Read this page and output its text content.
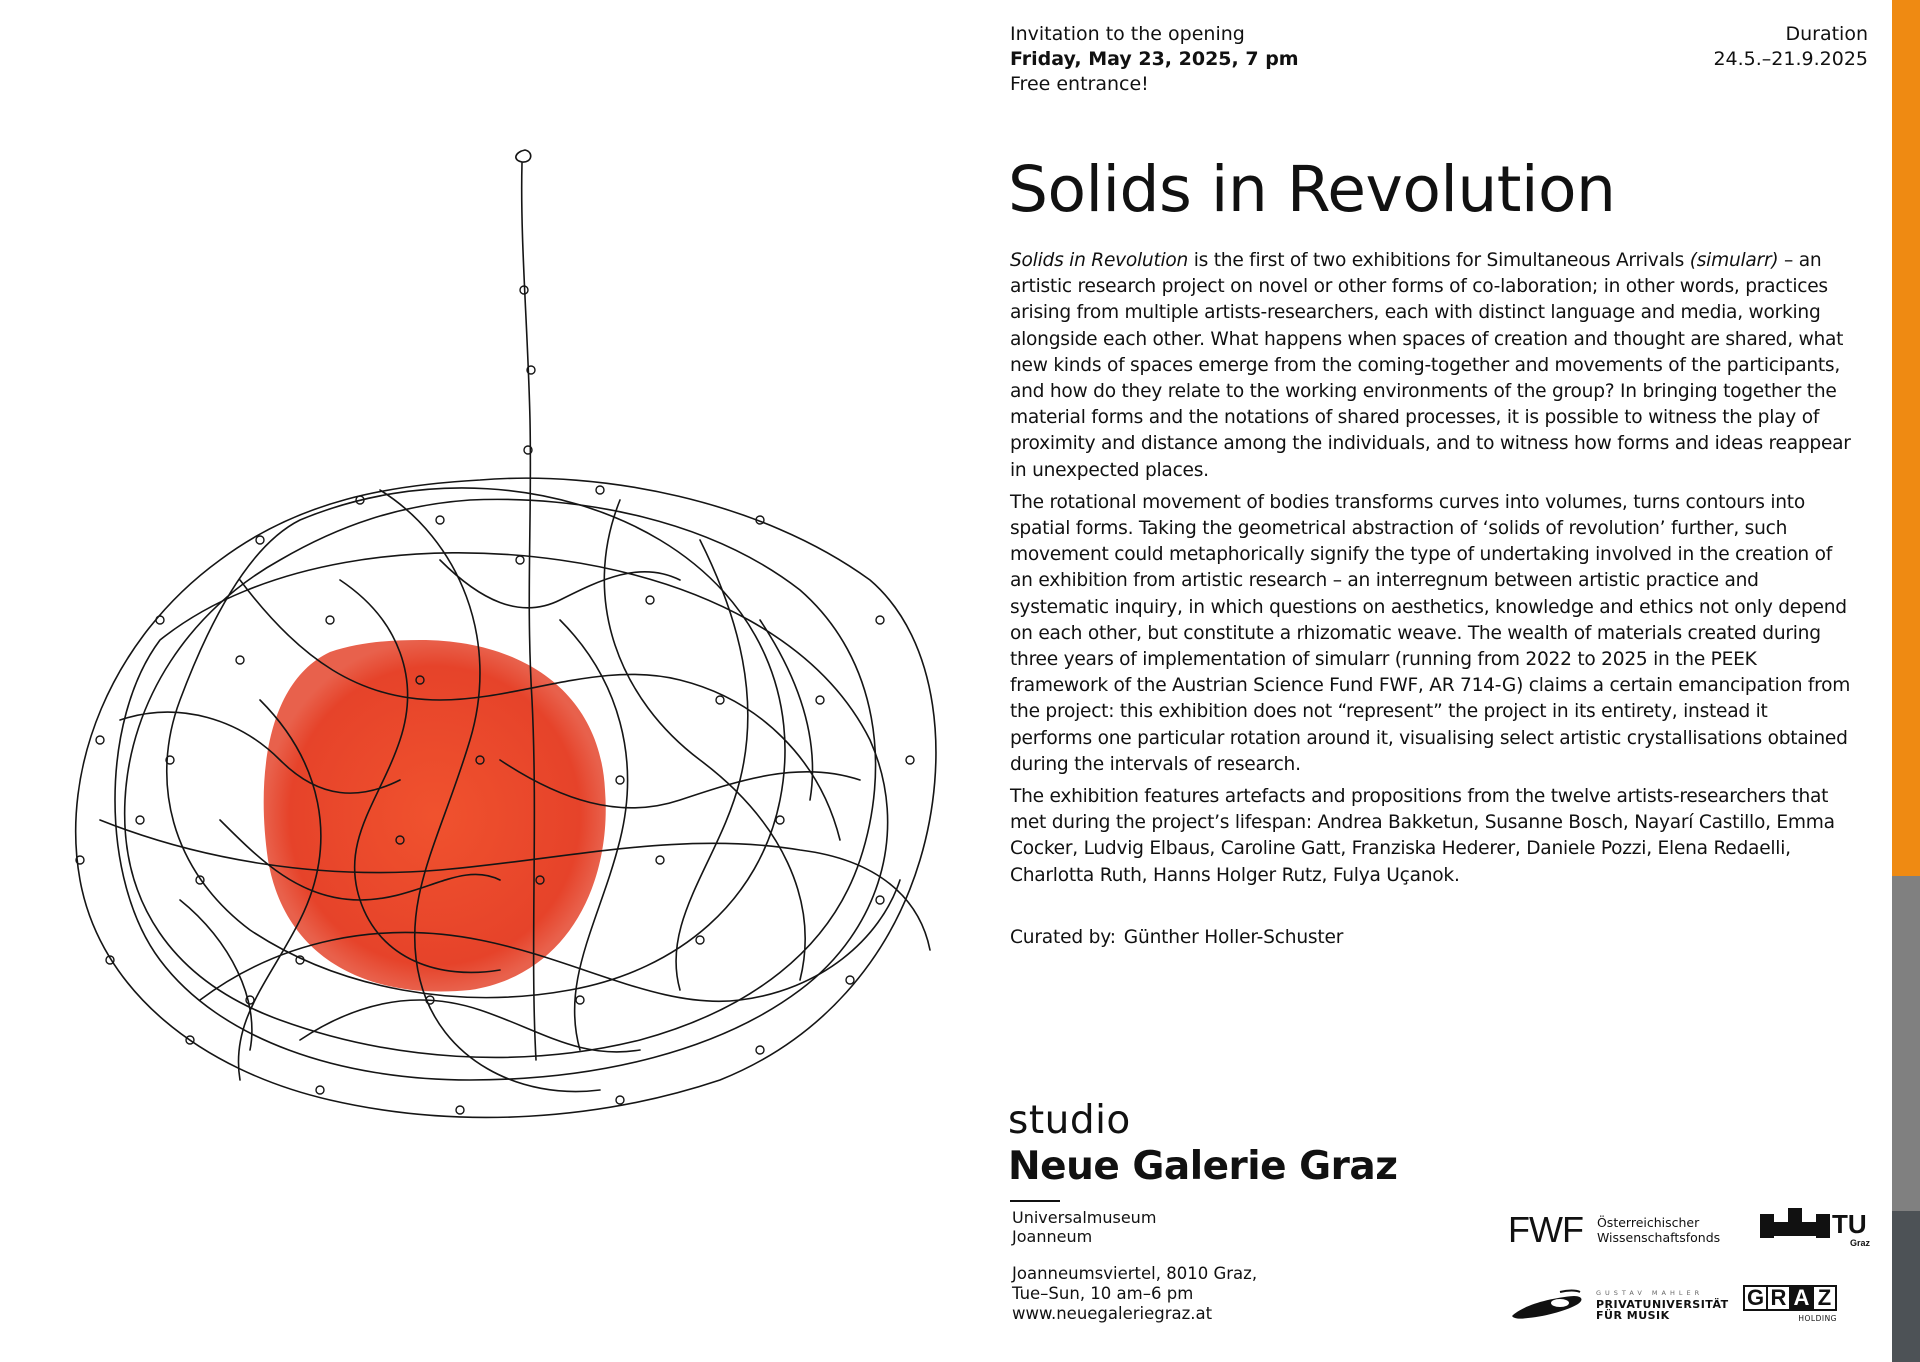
Invitation to the opening
Friday, May 23, 2025, 7 pm
Free entrance!
Duration
24.5.–21.9.2025
Solids in Revolution

Solids in Revolution is the first of two exhibitions for Simultaneous Arrivals (simularr) – an artistic research project on novel or other forms of co-laboration; in other words, practices arising from multiple artists-researchers, each with distinct language and media, working alongside each other. What happens when spaces of creation and thought are shared, what new kinds of spaces emerge from the coming-together and movements of the participants, and how do they relate to the working environments of the group? In bringing together the material forms and the notations of shared processes, it is possible to witness the play of proximity and distance among the individuals, and to witness how forms and ideas reappear in unexpected places.

The rotational movement of bodies transforms curves into volumes, turns contours into spatial forms. Taking the geometrical abstraction of ‘solids of revolution’ further, such movement could metaphorically signify the type of undertaking involved in the creation of an exhibition from artistic research – an interregnum between artistic practice and systematic inquiry, in which questions on aesthetics, knowledge and ethics not only depend on each other, but constitute a rhizomatic weave. The wealth of materials created during three years of implementation of simularr (running from 2022 to 2025 in the PEEK framework of the Austrian Science Fund FWF, AR 714-G) claims a certain emancipation from the project: this exhibition does not “represent” the project in its entirety, instead it performs one particular rotation around it, visualising select artistic crystallisations obtained during the intervals of research.

The exhibition features artefacts and propositions from the twelve artists-researchers that met during the project’s lifespan: Andrea Bakketun, Susanne Bosch, Nayarí Castillo, Emma Cocker, Ludvig Elbaus, Caroline Gatt, Franziska Hederer, Daniele Pozzi, Elena Redaelli, Charlotta Ruth, Hanns Holger Rutz, Fulya Uçanok.

Curated by: Günther Holler-Schuster
studio
Neue Galerie Graz
Universalmuseum
Joanneum
Joanneumsviertel, 8010 Graz,
Tue–Sun, 10 am–6 pm
www.neuegaleriegraz.at
FWF Österreichischer
Wissenschaftsfonds	TU
Graz
GUSTAV MAHLER
PRIVATUNIVERSITÄT
FÜR MUSIK
G R A Z
HOLDING
